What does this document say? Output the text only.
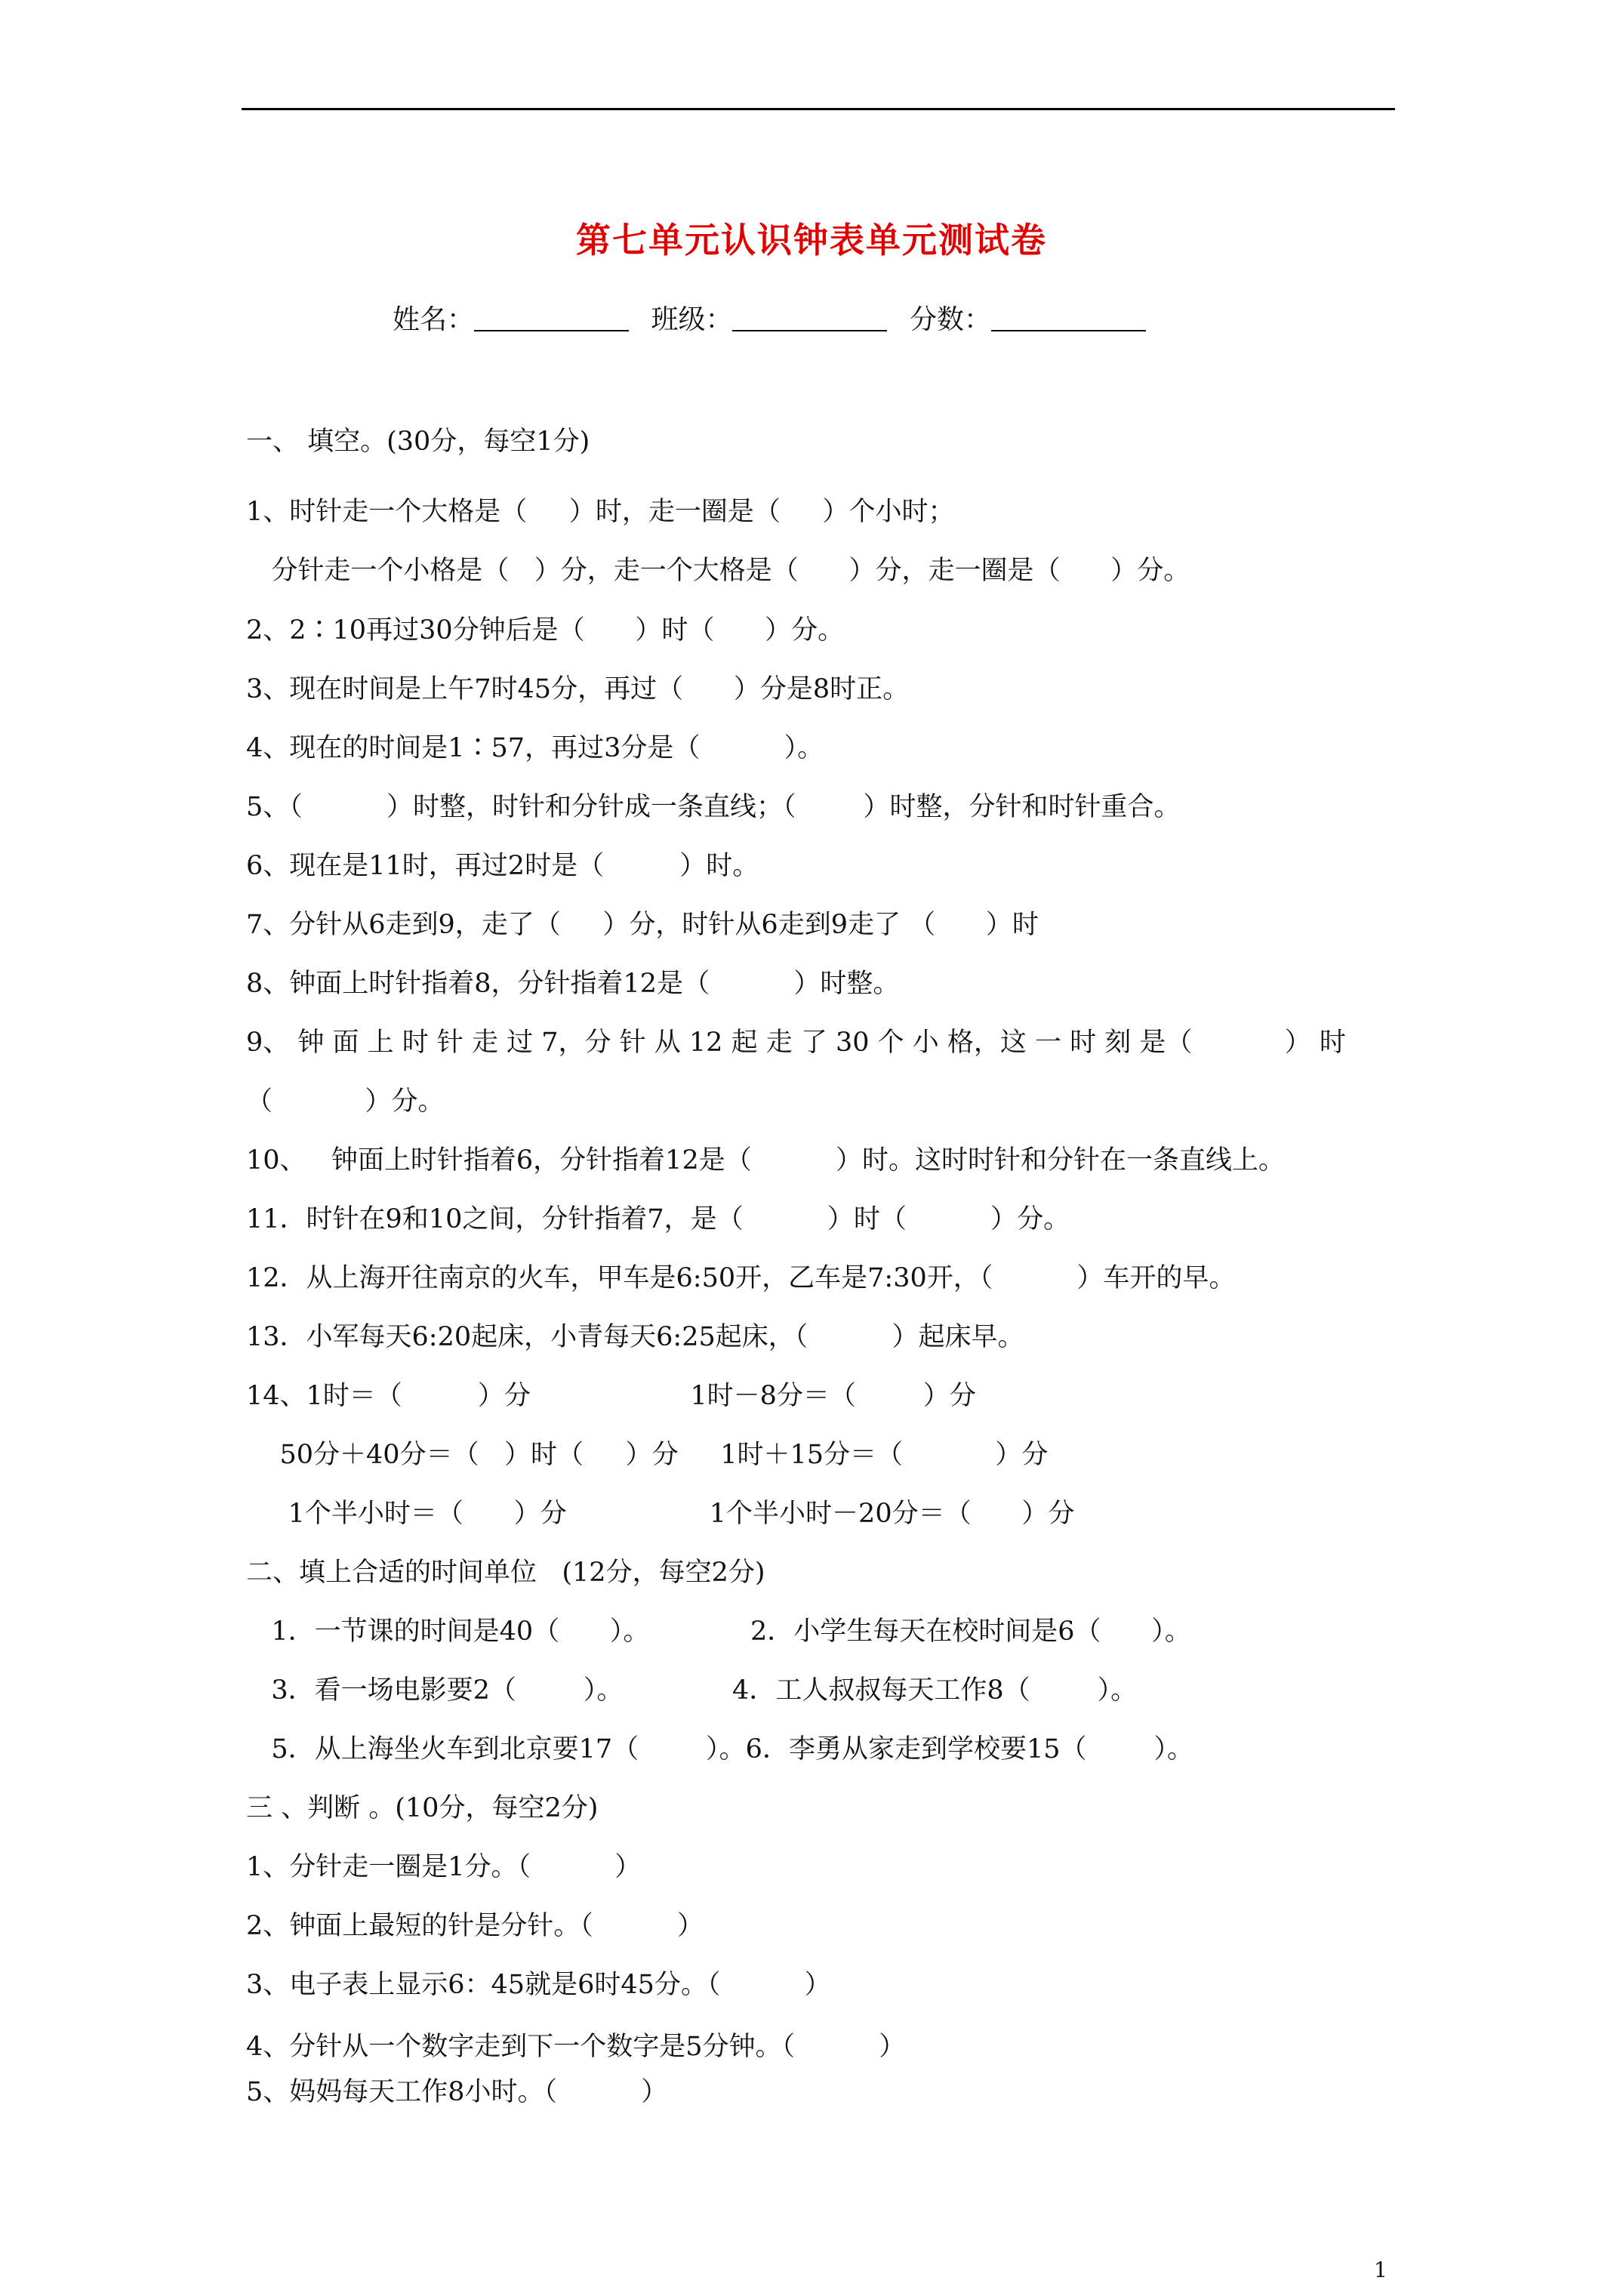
第七单元认识钟表单元测试卷
姓名：	班级：	分数：
一、 填空。(30分，每空1分)
1、时针走一个大格是（     ）时，走一圈是（     ）个小时；
分针走一个小格是（   ）分，走一个大格是（      ）分，走一圈是（      ）分。
2、2∶10再过30分钟后是（      ）时（      ）分。
3、现在时间是上午7时45分，再过（      ）分是8时正。
4、现在的时间是1∶57，再过3分是（          ）。
5、（          ）时整，时针和分针成一条直线；（        ）时整，分针和时针重合。
6、现在是11时，再过2时是（         ）时。
7、分针从6走到9，走了（     ）分，时针从6走到9走了 （      ）时
8、钟面上时针指着8，分针指着12是（          ）时整。
9、 钟 面 上 时 针 走 过 7，分 针 从 12 起 走 了 30 个 小 格，这 一 时 刻 是（           ） 时
（           ）分。
10、   钟面上时针指着6，分针指着12是（          ）时。这时时针和分针在一条直线上。
11．时针在9和10之间，分针指着7，是（          ）时（          ）分。
12．从上海开往南京的火车，甲车是6:50开，乙车是7:30开，（          ）车开的早。
13．小军每天6:20起床，小青每天6:25起床，（          ）起床早。
14、1时＝（         ）分                   1时－8分＝（        ）分
50分＋40分＝（   ）时（     ）分     1时＋15分＝（           ）分
1个半小时＝（      ）分                 1个半小时－20分＝（      ）分
二、填上合适的时间单位   (12分，每空2分)
1．一节课的时间是40（      ）。            2．小学生每天在校时间是6（      ）。
3．看一场电影要2（        ）。             4．工人叔叔每天工作8（        ）。
5．从上海坐火车到北京要17（        ）。6．李勇从家走到学校要15（        ）。
三 、判断 。(10分，每空2分)
1、分针走一圈是1分。（          ）
2、钟面上最短的针是分针。（          ）
3、电子表上显示6：45就是6时45分。（          ）
4、分针从一个数字走到下一个数字是5分钟。（          ）
5、妈妈每天工作8小时。（          ）
1
